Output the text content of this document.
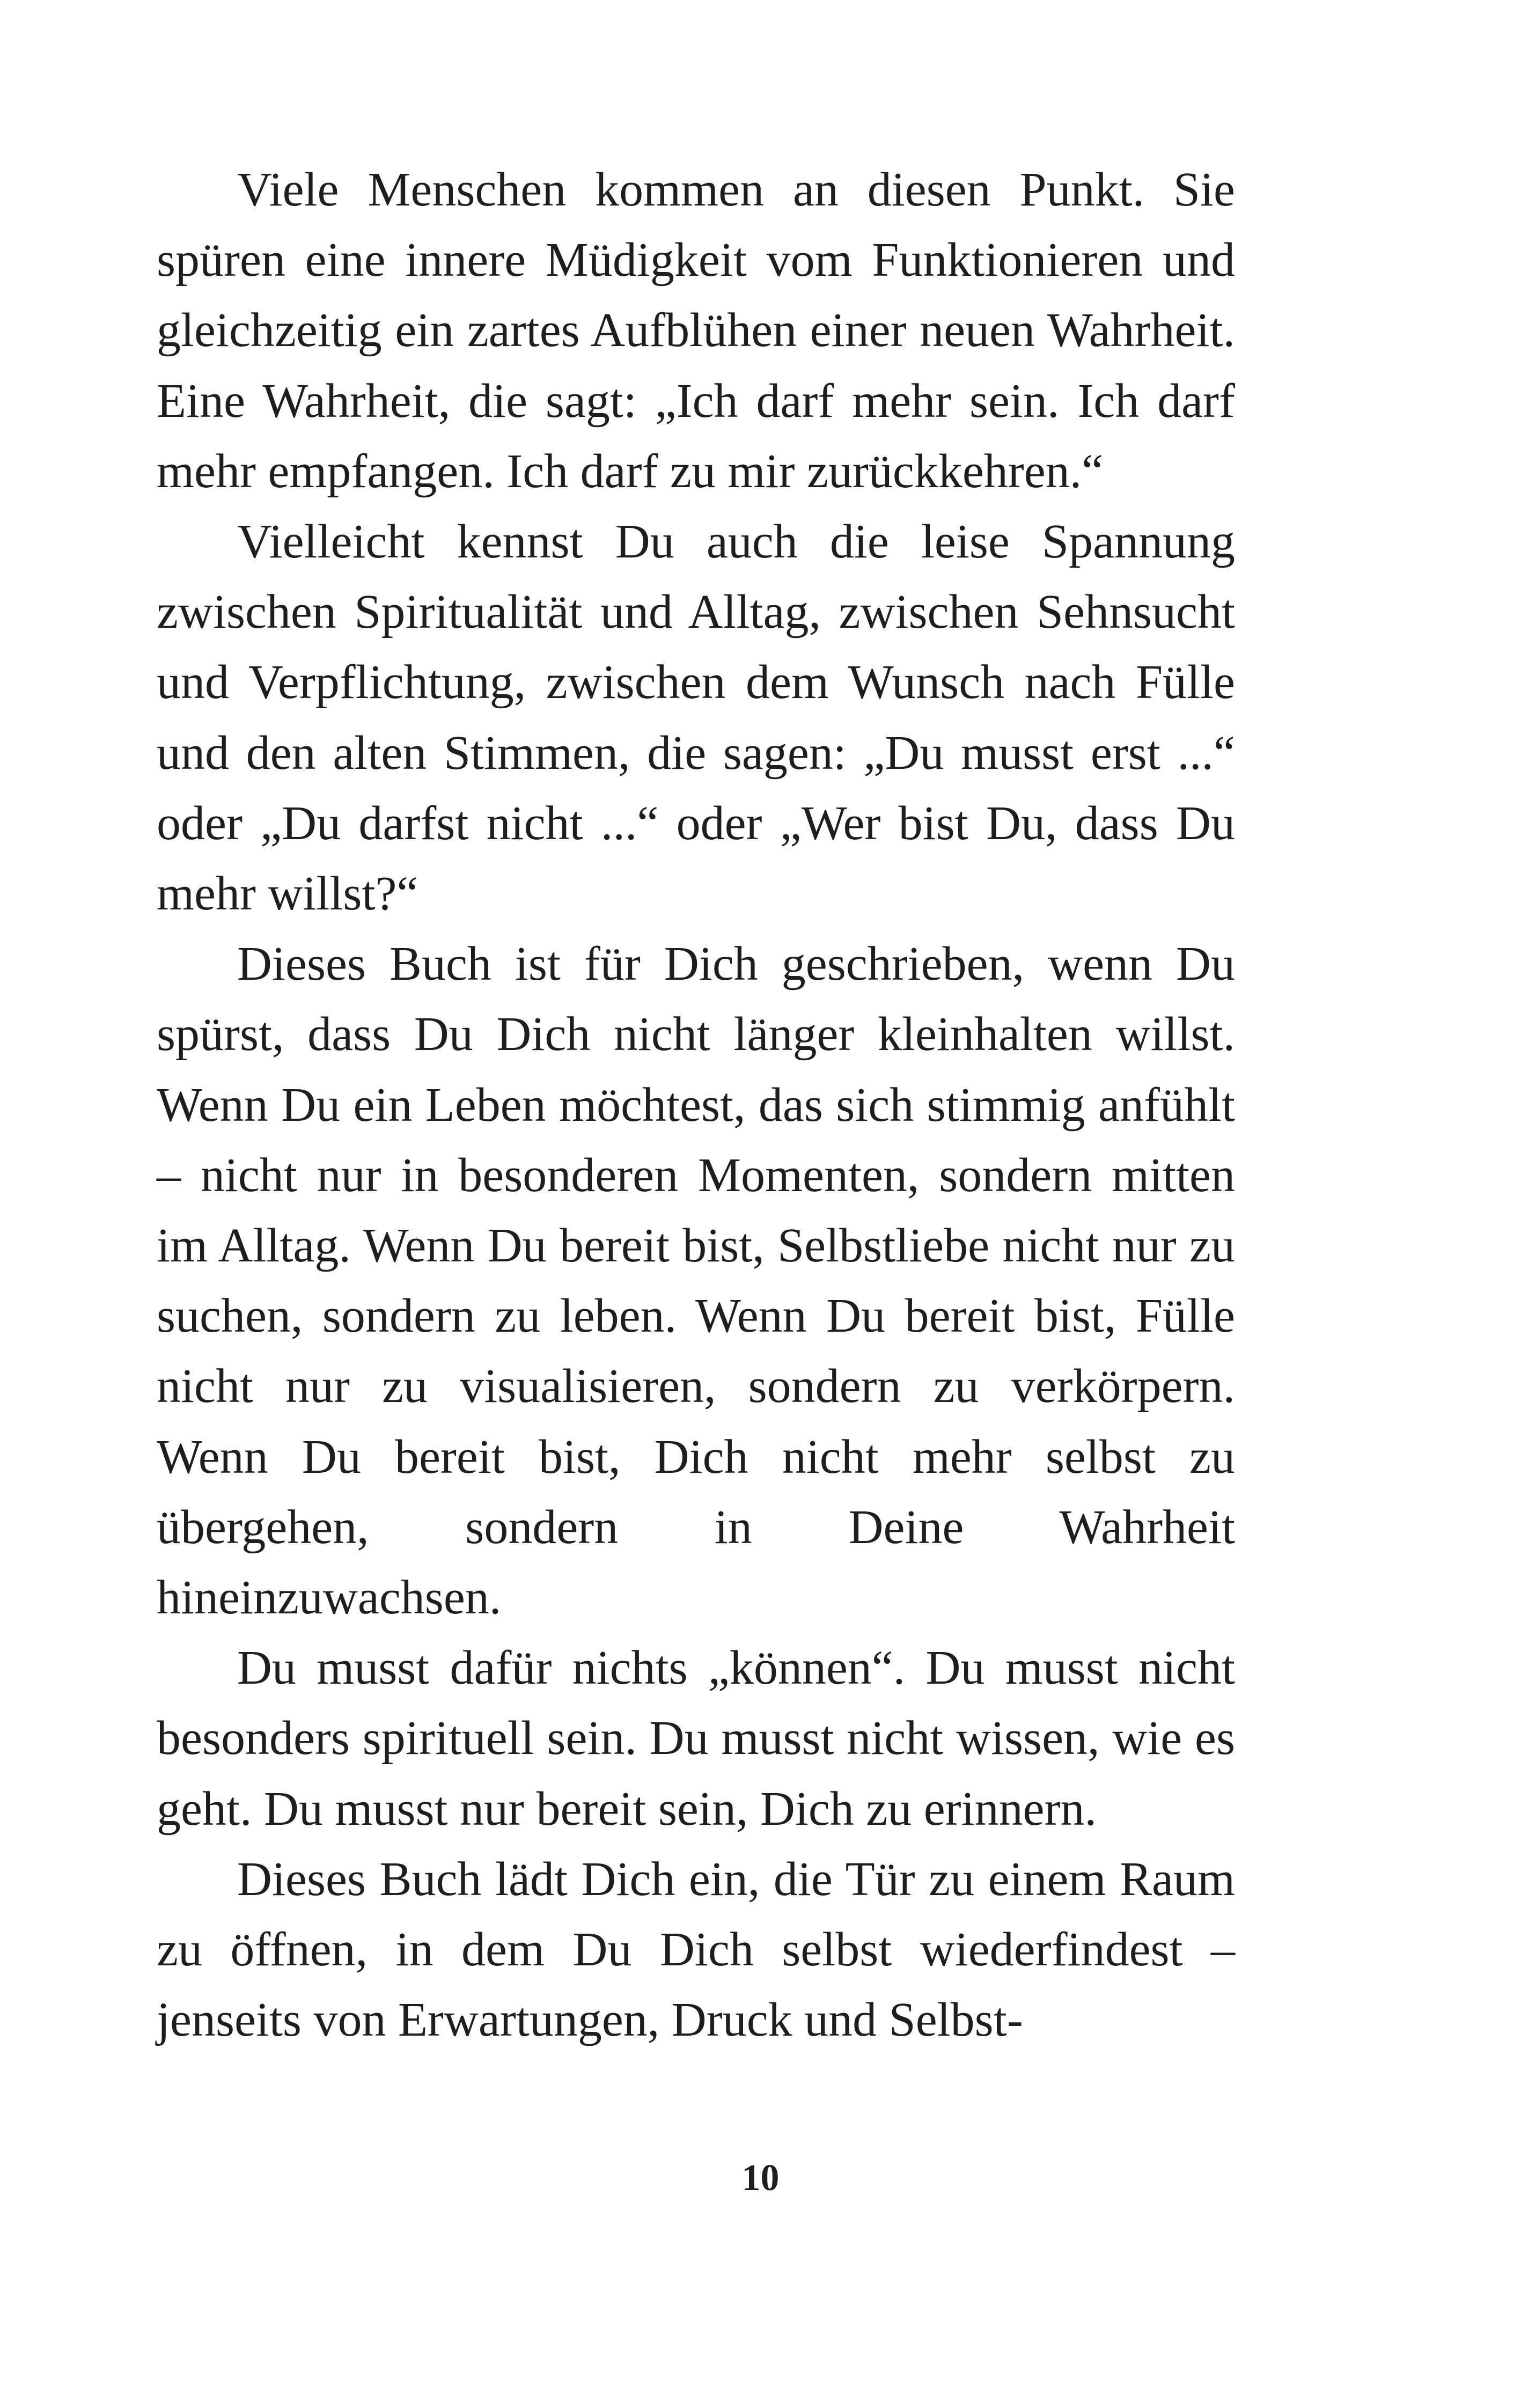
Viele Menschen kommen an diesen Punkt. Sie spüren eine innere Müdigkeit vom Funktionieren und gleichzeitig ein zartes Aufblühen einer neuen Wahrheit. Eine Wahrheit, die sagt: „Ich darf mehr sein. Ich darf mehr empfangen. Ich darf zu mir zurückkehren.“

Vielleicht kennst Du auch die leise Spannung zwischen Spiritualität und Alltag, zwischen Sehnsucht und Verpflichtung, zwischen dem Wunsch nach Fülle und den alten Stimmen, die sagen: „Du musst erst ...“ oder „Du darfst nicht ...“ oder „Wer bist Du, dass Du mehr willst?“

Dieses Buch ist für Dich geschrieben, wenn Du spürst, dass Du Dich nicht länger kleinhalten willst. Wenn Du ein Leben möchtest, das sich stimmig anfühlt – nicht nur in besonderen Momenten, sondern mitten im Alltag. Wenn Du bereit bist, Selbstliebe nicht nur zu suchen, sondern zu leben. Wenn Du bereit bist, Fülle nicht nur zu visualisieren, sondern zu verkörpern. Wenn Du bereit bist, Dich nicht mehr selbst zu übergehen, sondern in Deine Wahrheit hineinzuwachsen.

Du musst dafür nichts „können“. Du musst nicht besonders spirituell sein. Du musst nicht wissen, wie es geht. Du musst nur bereit sein, Dich zu erinnern.

Dieses Buch lädt Dich ein, die Tür zu einem Raum zu öffnen, in dem Du Dich selbst wiederfindest – jenseits von Erwartungen, Druck und Selbst-

10
